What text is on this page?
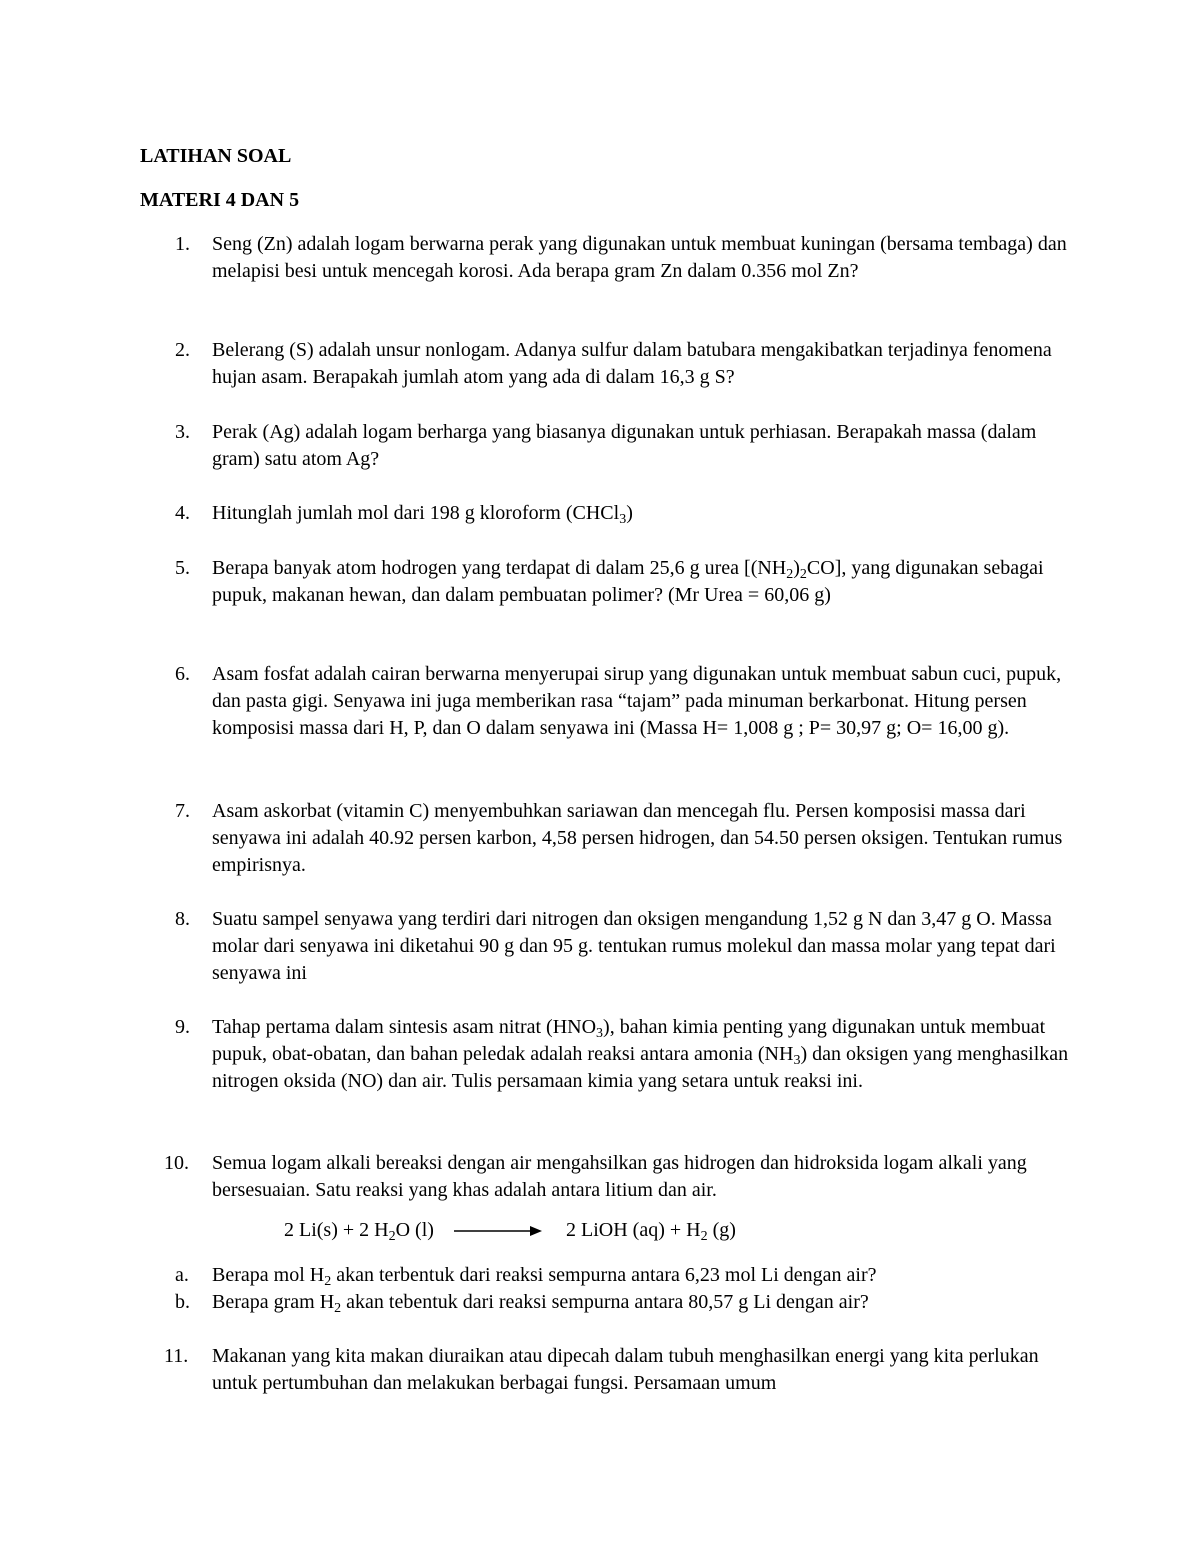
LATIHAN SOAL
MATERI 4 DAN 5
1. Seng (Zn) adalah logam berwarna perak yang digunakan untuk membuat kuningan (bersama tembaga) dan melapisi besi untuk mencegah korosi. Ada berapa gram Zn dalam 0.356 mol Zn?
2. Belerang (S) adalah unsur nonlogam. Adanya sulfur dalam batubara mengakibatkan terjadinya fenomena hujan asam. Berapakah jumlah atom yang ada di dalam 16,3 g S?
3. Perak (Ag) adalah logam berharga yang biasanya digunakan untuk perhiasan. Berapakah massa (dalam gram) satu atom Ag?
4. Hitunglah jumlah mol dari 198 g kloroform (CHCl$_3$)
5. Berapa banyak atom hodrogen yang terdapat di dalam 25,6 g urea $[(NH_2)_2CO]$, yang digunakan sebagai pupuk, makanan hewan, dan dalam pembuatan polimer? (Mr Urea = 60,06 g)
6. Asam fosfat adalah cairan berwarna menyerupai sirup yang digunakan untuk membuat sabun cuci, pupuk, dan pasta gigi. Senyawa ini juga memberikan rasa “tajam” pada minuman berkarbonat. Hitung persen komposisi massa dari H, P, dan O dalam senyawa ini (Massa H= 1,008 g ; P= 30,97 g; O= 16,00 g).
7. Asam askorbat (vitamin C) menyembuhkan sariawan dan mencegah flu. Persen komposisi massa dari senyawa ini adalah 40.92 persen karbon, 4,58 persen hidrogen, dan 54.50 persen oksigen. Tentukan rumus empirisnya.
8. Suatu sampel senyawa yang terdiri dari nitrogen dan oksigen mengandung 1,52 g N dan 3,47 g O. Massa molar dari senyawa ini diketahui 90 g dan 95 g. tentukan rumus molekul dan massa molar yang tepat dari senyawa ini
9. Tahap pertama dalam sintesis asam nitrat $(HNO_3)$, bahan kimia penting yang digunakan untuk membuat pupuk, obat-obatan, dan bahan peledak adalah reaksi antara amonia $(NH_3)$ dan oksigen yang menghasilkan nitrogen oksida (NO) dan air. Tulis persamaan kimia yang setara untuk reaksi ini.
10. Semua logam alkali bereaksi dengan air mengahsilkan gas hidrogen dan hidroksida logam alkali yang bersesuaian. Satu reaksi yang khas adalah antara litium dan air.
2 Li(s) + 2 $H_2O$ (l)	2 LiOH $(aq) + H_2$ (g)
a. Berapa mol $H_2$ akan terbentuk dari reaksi sempurna antara 6,23 mol Li dengan air?
b. Berapa gram $H_2$ akan tebentuk dari reaksi sempurna antara 80,57 g Li dengan air?
11. Makanan yang kita makan diuraikan atau dipecah dalam tubuh menghasilkan energi yang kita perlukan untuk pertumbuhan dan melakukan berbagai fungsi. Persamaan umum
